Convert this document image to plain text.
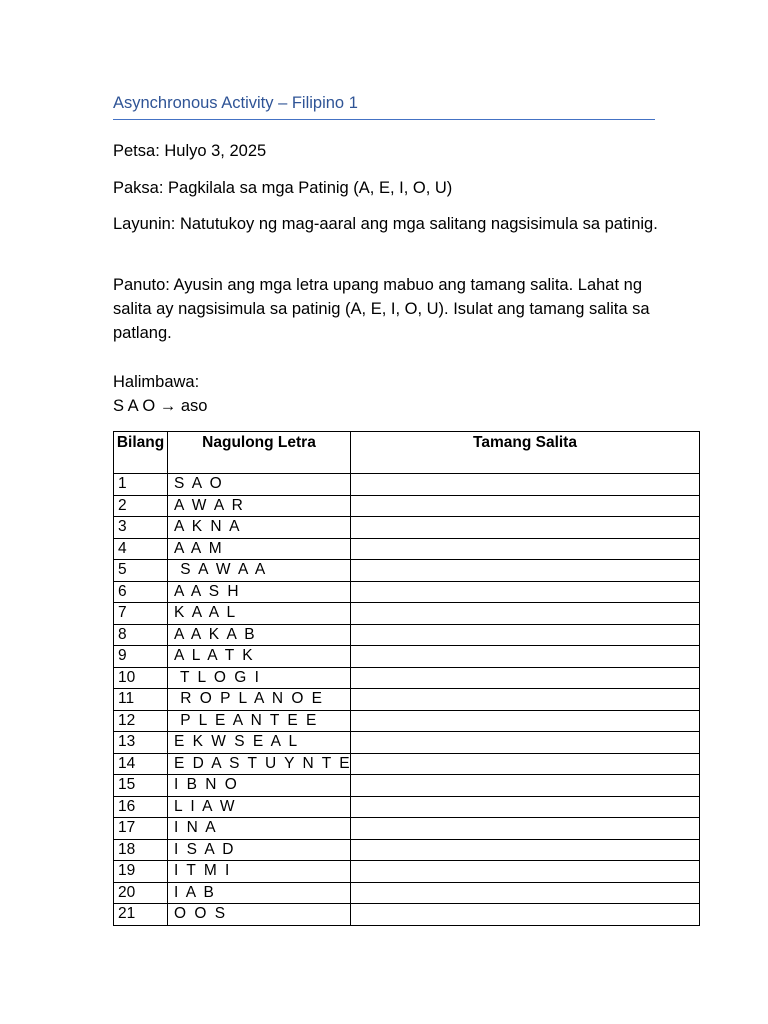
Asynchronous Activity – Filipino 1
Petsa: Hulyo 3, 2025
Paksa: Pagkilala sa mga Patinig (A, E, I, O, U)
Layunin: Natutukoy ng mag-aaral ang mga salitang nagsisimula sa patinig.
Panuto: Ayusin ang mga letra upang mabuo ang tamang salita. Lahat ng salita ay nagsisimula sa patinig (A, E, I, O, U). Isulat ang tamang salita sa patlang.
Halimbawa:
S A O → aso
Bilang	Nagulong Letra	Tamang Salita
1	S A O	
2	A W A R	
3	A K N A	
4	A A M	
5	S A W A A	
6	A A S H	
7	K A A L	
8	A A K A B	
9	A L A T K	
10	T L O G I	
11	R O P L A N O E	
12	P L E A N T E E	
13	E K W S E A L	
14	E D A S T U Y N T E	
15	I B N O	
16	L I A W	
17	I N A	
18	I S A D	
19	I T M I	
20	I A B	
21	O O S	
